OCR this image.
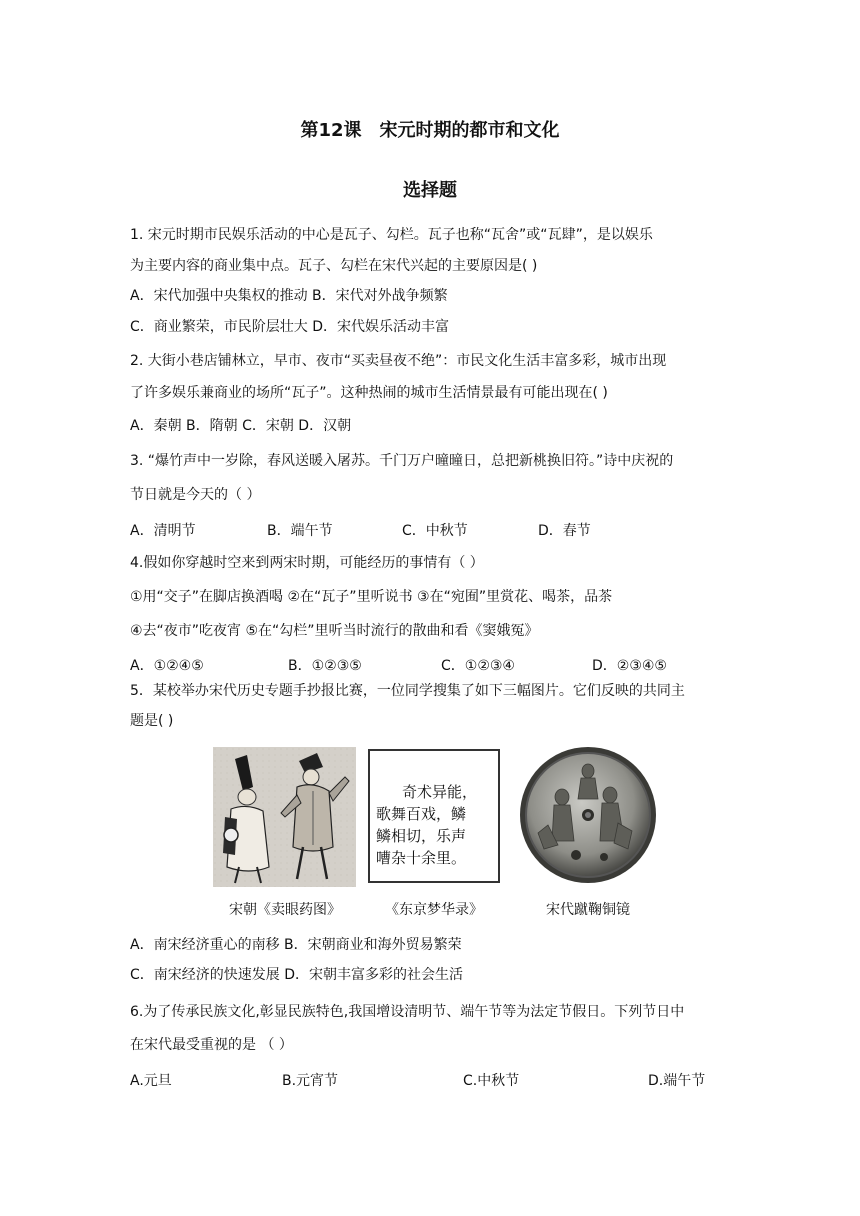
第12课　宋元时期的都市和文化
选择题
1. 宋元时期市民娱乐活动的中心是瓦子、勾栏。瓦子也称“瓦舍”或“瓦肆”，是以娱乐
为主要内容的商业集中点。瓦子、勾栏在宋代兴起的主要原因是( )
A．宋代加强中央集权的推动 B．宋代对外战争频繁
C．商业繁荣，市民阶层壮大 D．宋代娱乐活动丰富
2. 大街小巷店铺林立，早市、夜市“买卖昼夜不绝”：市民文化生活丰富多彩，城市出现
了许多娱乐兼商业的场所“瓦子”。这种热闹的城市生活情景最有可能出现在( )
A．秦朝 B．隋朝 C．宋朝 D．汉朝
3. “爆竹声中一岁除，春风送暖入屠苏。千门万户曈曈日，总把新桃换旧符。”诗中庆祝的
节日就是今天的（ ）
A．清明节	B．端午节	C．中秋节	D．春节
4.假如你穿越时空来到两宋时期，可能经历的事情有（ ）
①用“交子”在脚店换酒喝 ②在“瓦子”里听说书 ③在“宛囿”里赏花、喝茶，品茶
④去“夜市”吃夜宵 ⑤在“勾栏”里听当时流行的散曲和看《窦娥冤》
A．①②④⑤	B．①②③⑤	C．①②③④	D．②③④⑤
5．某校举办宋代历史专题手抄报比赛，一位同学搜集了如下三幅图片。它们反映的共同主
题是( )
宋朝《卖眼药图》
奇术异能，
歌舞百戏，鳞
鳞相切，乐声
嘈杂十余里。
《东京梦华录》	宋代蹴鞠铜镜
A．南宋经济重心的南移 B．宋朝商业和海外贸易繁荣
C．南宋经济的快速发展 D．宋朝丰富多彩的社会生活
6.为了传承民族文化,彰显民族特色,我国增设清明节、端午节等为法定节假日。下列节日中
在宋代最受重视的是 （ ）
A.元旦	B.元宵节	C.中秋节	D.端午节
